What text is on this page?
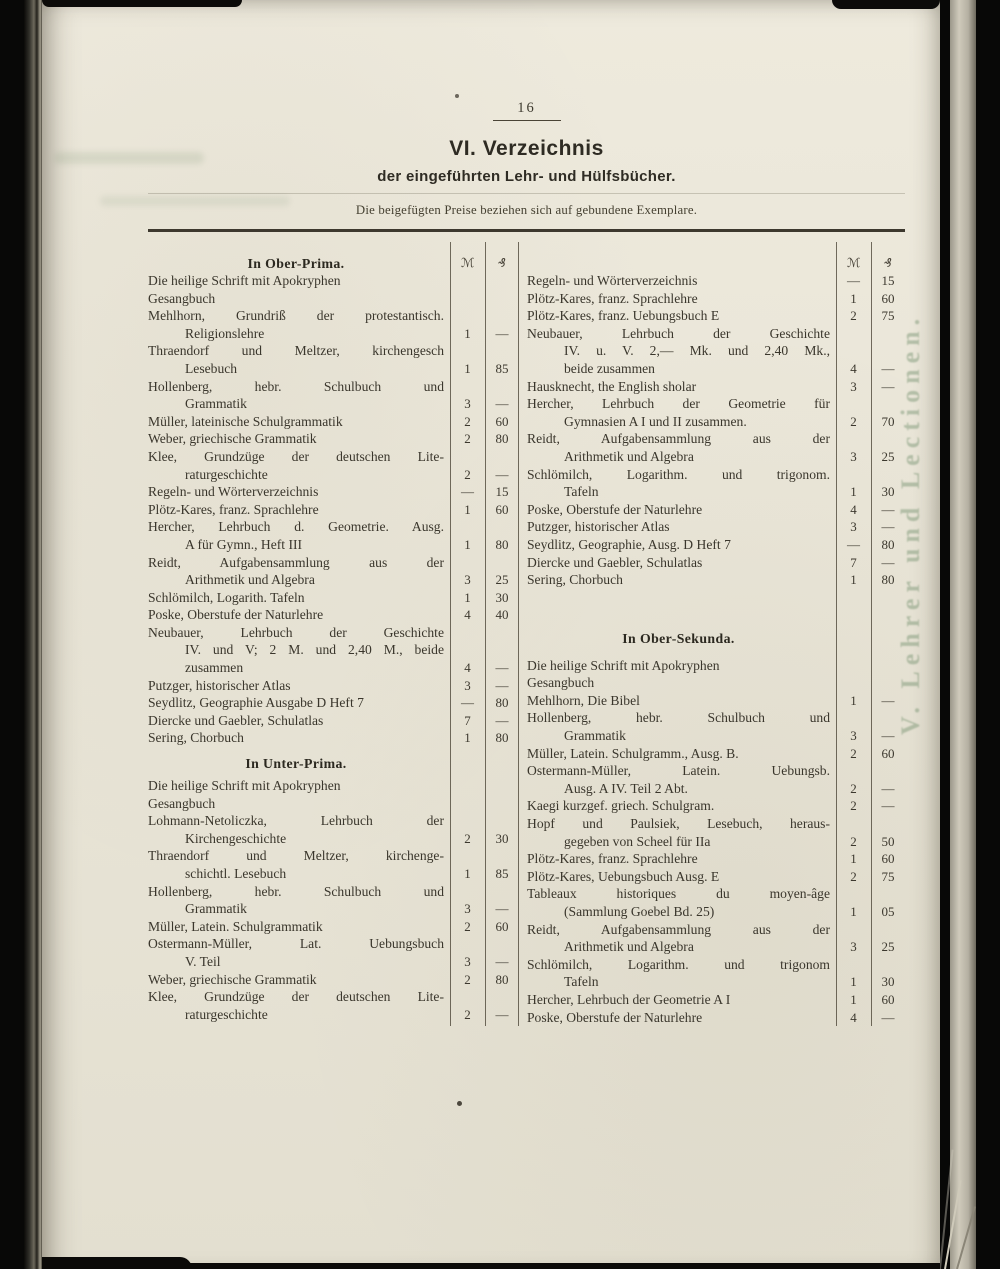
V. Lehrer und Lectionen.
16
VI. Verzeichnis
der eingeführten Lehr- und Hülfsbücher.
Die beigefügten Preise beziehen sich auf gebundene Exemplare.
In Ober-Prima.	ℳ	₰
Die heilige Schrift mit Apokryphen
Gesangbuch
Mehlhorn, Grundriß der protestantisch.
Religionslehre	1	—
Thraendorf und Meltzer, kirchengesch
Lesebuch	1	85
Hollenberg, hebr. Schulbuch und
Grammatik	3	—
Müller, lateinische Schulgrammatik	2	60
Weber, griechische Grammatik	2	80
Klee, Grundzüge der deutschen Lite-
raturgeschichte	2	—
Regeln- und Wörterverzeichnis	—	15
Plötz-Kares, franz. Sprachlehre	1	60
Hercher, Lehrbuch d. Geometrie. Ausg.
A für Gymn., Heft III	1	80
Reidt, Aufgabensammlung aus der
Arithmetik und Algebra	3	25
Schlömilch, Logarith. Tafeln	1	30
Poske, Oberstufe der Naturlehre	4	40
Neubauer, Lehrbuch der Geschichte
IV. und V; 2 M. und 2,40 M., beide
zusammen	4	—
Putzger, historischer Atlas	3	—
Seydlitz, Geographie Ausgabe D Heft 7	—	80
Diercke und Gaebler, Schulatlas	7	—
Sering, Chorbuch	1	80
In Unter-Prima.
Die heilige Schrift mit Apokryphen
Gesangbuch
Lohmann-Netoliczka, Lehrbuch der
Kirchengeschichte	2	30
Thraendorf und Meltzer, kirchenge-
schichtl. Lesebuch	1	85
Hollenberg, hebr. Schulbuch und
Grammatik	3	—
Müller, Latein. Schulgrammatik	2	60
Ostermann-Müller, Lat. Uebungsbuch
V. Teil	3	—
Weber, griechische Grammatik	2	80
Klee, Grundzüge der deutschen Lite-
raturgeschichte	2	—
ℳ	₰
Regeln- und Wörterverzeichnis	—	15
Plötz-Kares, franz. Sprachlehre	1	60
Plötz-Kares, franz. Uebungsbuch E	2	75
Neubauer, Lehrbuch der Geschichte
IV. u. V. 2,— Mk. und 2,40 Mk.,
beide zusammen	4	—
Hausknecht, the English sholar	3	—
Hercher, Lehrbuch der Geometrie für
Gymnasien A I und II zusammen.	2	70
Reidt, Aufgabensammlung aus der
Arithmetik und Algebra	3	25
Schlömilch, Logarithm. und trigonom.
Tafeln	1	30
Poske, Oberstufe der Naturlehre	4	—
Putzger, historischer Atlas	3	—
Seydlitz, Geographie, Ausg. D Heft 7	—	80
Diercke und Gaebler, Schulatlas	7	—
Sering, Chorbuch	1	80
In Ober-Sekunda.
Die heilige Schrift mit Apokryphen
Gesangbuch
Mehlhorn, Die Bibel	1	—
Hollenberg, hebr. Schulbuch und
Grammatik	3	—
Müller, Latein. Schulgramm., Ausg. B.	2	60
Ostermann-Müller, Latein. Uebungsb.
Ausg. A IV. Teil 2 Abt.	2	—
Kaegi kurzgef. griech. Schulgram.	2	—
Hopf und Paulsiek, Lesebuch, heraus-
gegeben von Scheel für IIa	2	50
Plötz-Kares, franz. Sprachlehre	1	60
Plötz-Kares, Uebungsbuch Ausg. E	2	75
Tableaux historiques du moyen-âge
(Sammlung Goebel Bd. 25)	1	05
Reidt, Aufgabensammlung aus der
Arithmetik und Algebra	3	25
Schlömilch, Logarithm. und trigonom
Tafeln	1	30
Hercher, Lehrbuch der Geometrie A I	1	60
Poske, Oberstufe der Naturlehre	4	—
